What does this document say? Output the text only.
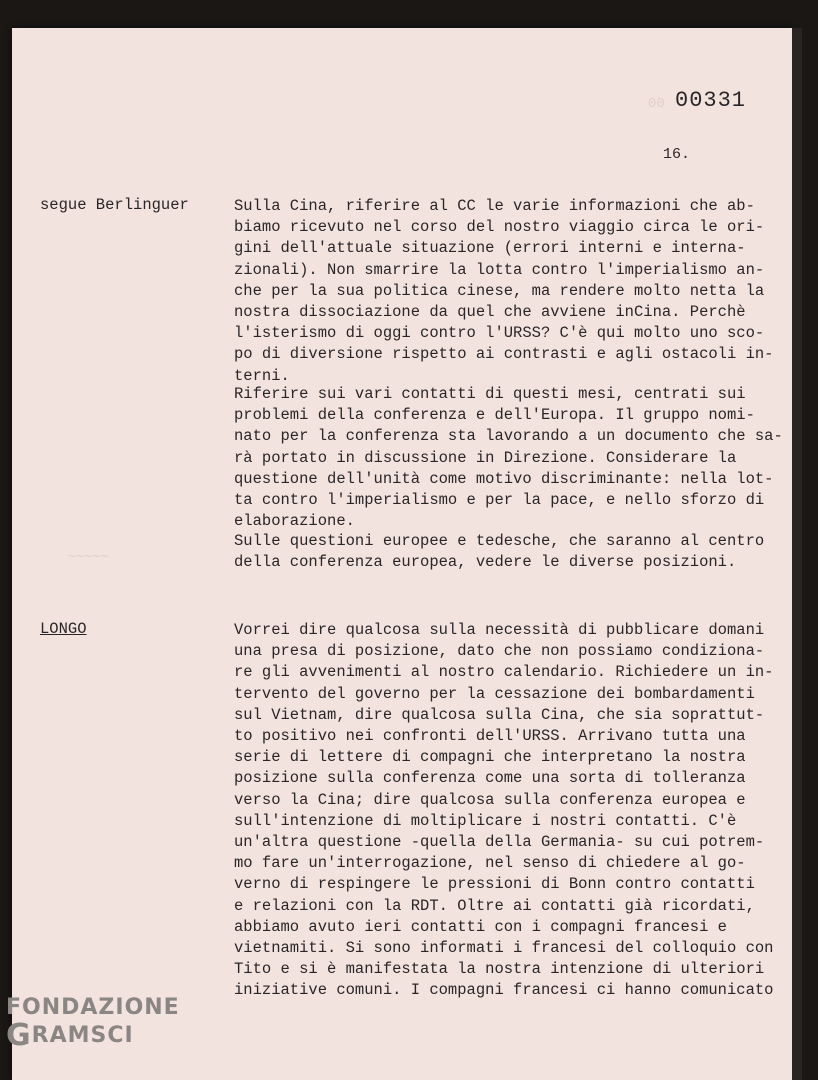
00
~~~~~
00331
16.
segue Berlinguer	Sulla Cina, riferire al CC le varie informazioni che ab-
biamo ricevuto nel corso del nostro viaggio circa le ori-
gini dell'attuale situazione (errori interni e interna-
zionali). Non smarrire la lotta contro l'imperialismo an-
che per la sua politica cinese, ma rendere molto netta la
nostra dissociazione da quel che avviene inCina. Perchè
l'isterismo di oggi contro l'URSS? C'è qui molto uno sco-
po di diversione rispetto ai contrasti e agli ostacoli in-
terni.

Riferire sui vari contatti di questi mesi, centrati sui
problemi della conferenza e dell'Europa. Il gruppo nomi-
nato per la conferenza sta lavorando a un documento che sa-
rà portato in discussione in Direzione. Considerare la
questione dell'unità come motivo discriminante: nella lot-
ta contro l'imperialismo e per la pace, e nello sforzo di
elaborazione.

Sulle questioni europee e tedesche, che saranno al centro
della conferenza europea, vedere le diverse posizioni.

LONGO	Vorrei dire qualcosa sulla necessità di pubblicare domani
una presa di posizione, dato che non possiamo condiziona-
re gli avvenimenti al nostro calendario. Richiedere un in-
tervento del governo per la cessazione dei bombardamenti
sul Vietnam, dire qualcosa sulla Cina, che sia soprattut-
to positivo nei confronti dell'URSS. Arrivano tutta una
serie di lettere di compagni che interpretano la nostra
posizione sulla conferenza come una sorta di tolleranza
verso la Cina; dire qualcosa sulla conferenza europea e
sull'intenzione di moltiplicare i nostri contatti. C'è
un'altra questione -quella della Germania- su cui potrem-
mo fare un'interrogazione, nel senso di chiedere al go-
verno di respingere le pressioni di Bonn contro contatti
e relazioni con la RDT. Oltre ai contatti già ricordati,
abbiamo avuto ieri contatti con i compagni francesi e
vietnamiti. Si sono informati i francesi del colloquio con
Tito e si è manifestata la nostra intenzione di ulteriori
iniziative comuni. I compagni francesi ci hanno comunicato

FONDAZIONE
GRAMSCI
